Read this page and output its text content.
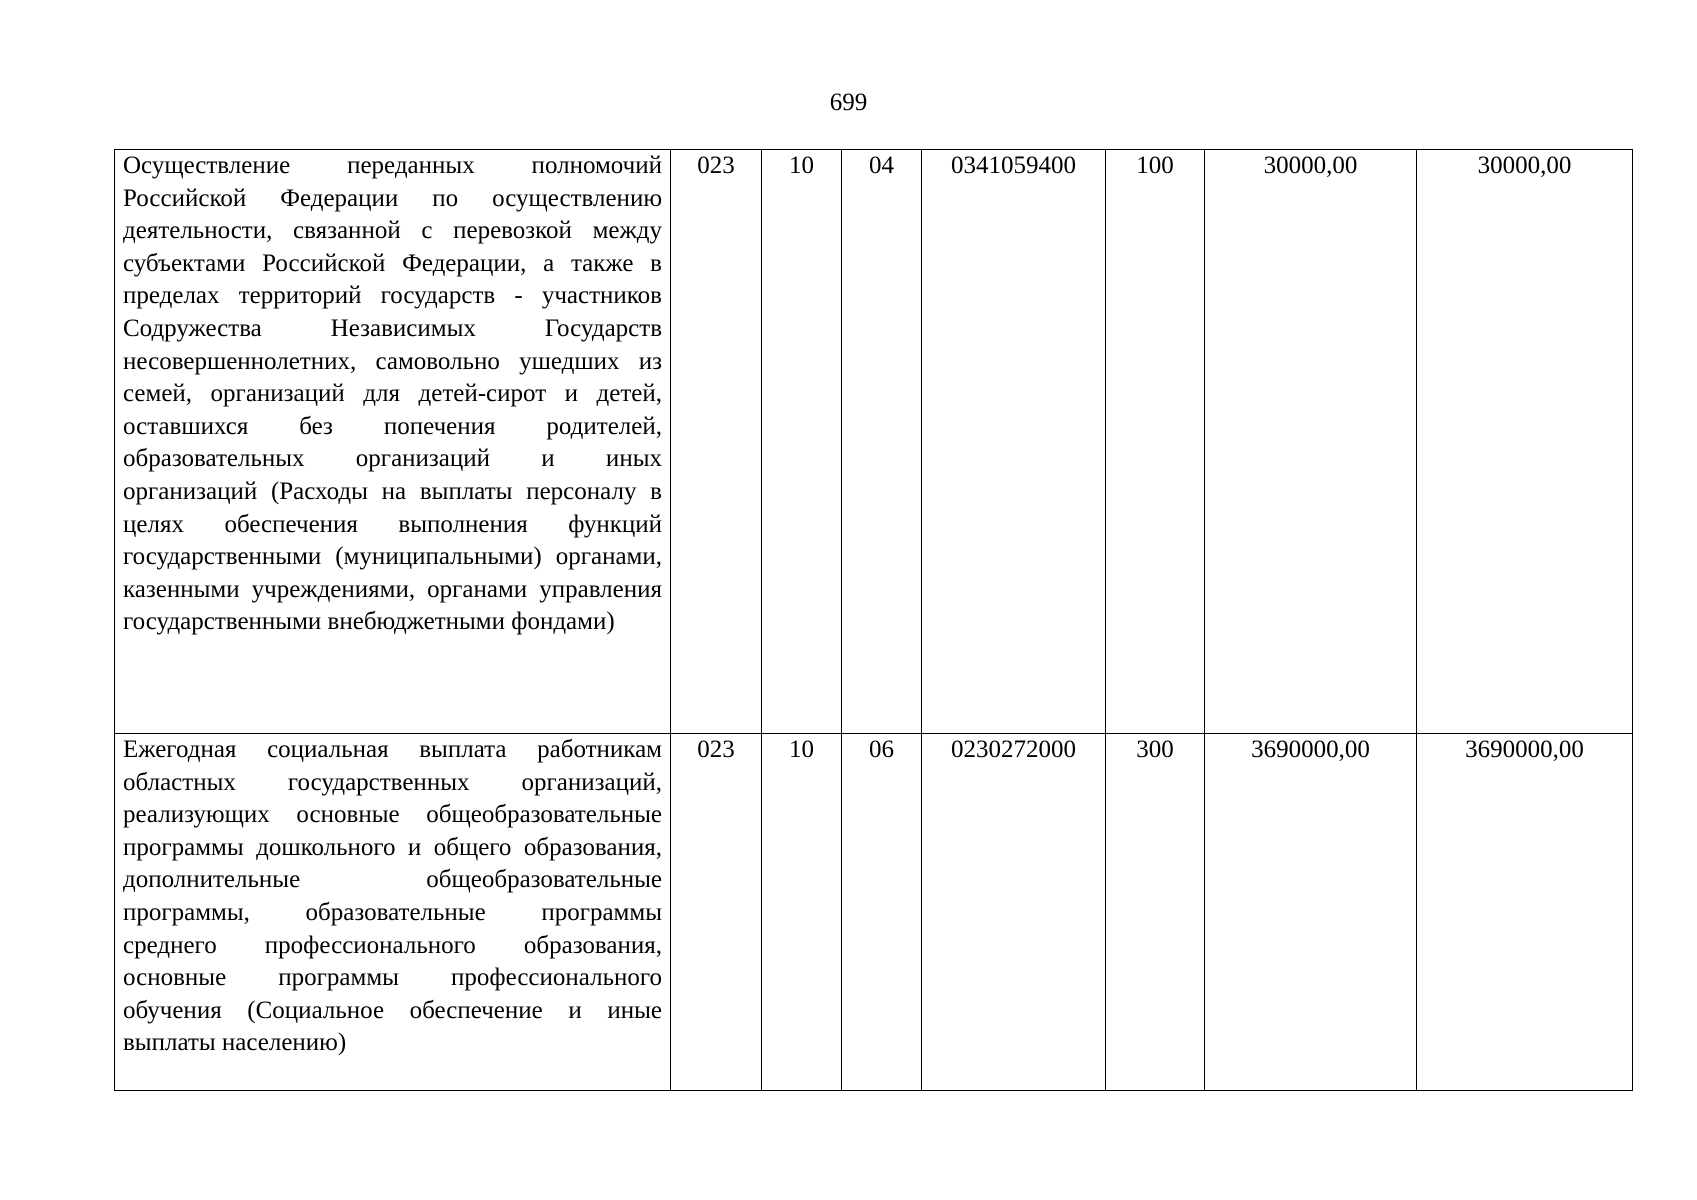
699
Осуществление переданных полномочий Российской Федерации по осуществлению деятельности, связанной с перевозкой между субъектами Российской Федерации, а также в пределах территорий государств - участников Содружества Независимых Государств несовершеннолетних, самовольно ушедших из семей, организаций для детей-сирот и детей, оставшихся без попечения родителей, образовательных организаций и иных организаций (Расходы на выплаты персоналу в целях обеспечения выполнения функций государственными (муниципальными) органами, казенными учреждениями, органами управления государственными внебюджетными фондами)	023	10	04	0341059400	100	30000,00	30000,00
Ежегодная социальная выплата работникам областных государственных организаций, реализующих основные общеобразовательные программы дошкольного и общего образования, дополнительные общеобразовательные программы, образовательные программы среднего профессионального образования, основные программы профессионального обучения (Социальное обеспечение и иные выплаты населению)	023	10	06	0230272000	300	3690000,00	3690000,00
